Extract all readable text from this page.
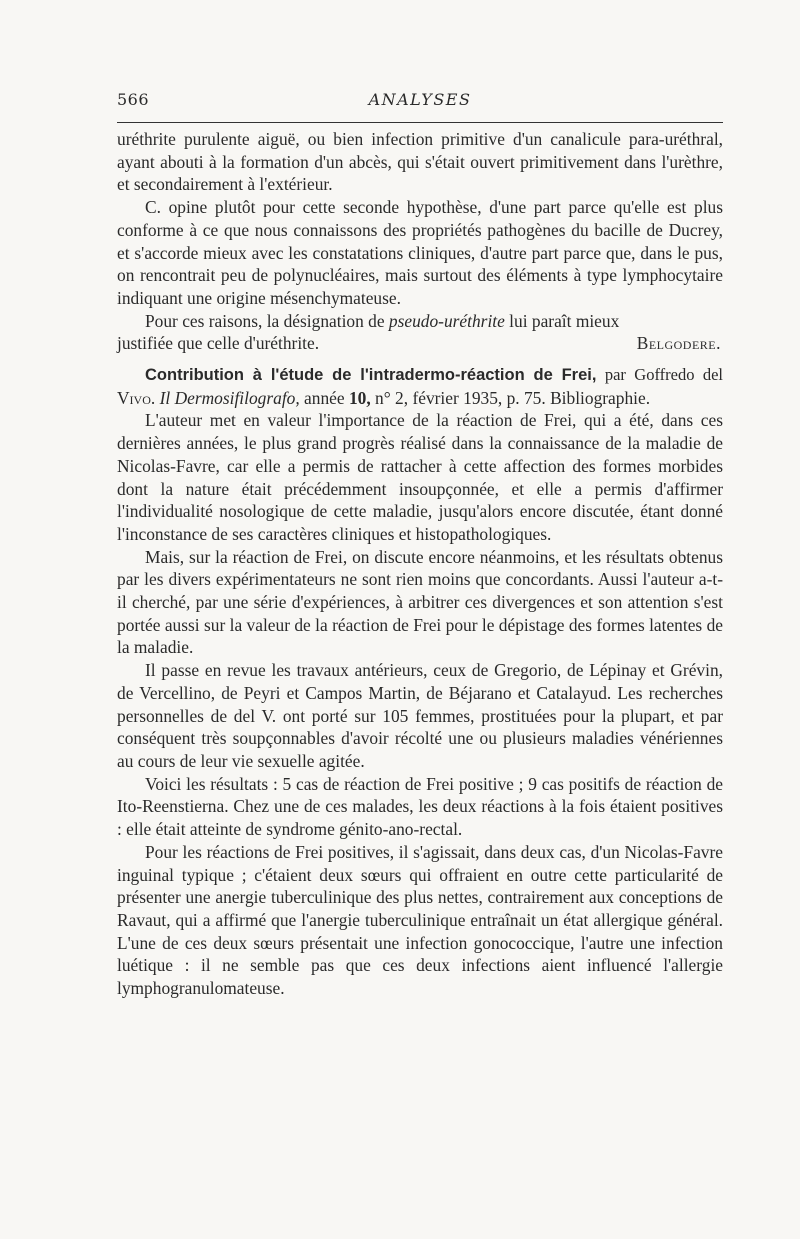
566	ANALYSES

uréthrite purulente aiguë, ou bien infection primitive d'un canalicule para-uréthral, ayant abouti à la formation d'un abcès, qui s'était ouvert primitivement dans l'urèthre, et secondairement à l'extérieur.

C. opine plutôt pour cette seconde hypothèse, d'une part parce qu'elle est plus conforme à ce que nous connaissons des propriétés pathogènes du bacille de Ducrey, et s'accorde mieux avec les constatations cliniques, d'autre part parce que, dans le pus, on rencontrait peu de polynucléaires, mais surtout des éléments à type lymphocytaire indiquant une origine mésenchymateuse.

Pour ces raisons, la désignation de pseudo-uréthrite lui paraît mieux

justifiée que celle d'uréthrite.	Belgodere.

Contribution à l'étude de l'intradermo-réaction de Frei, par Goffredo del Vivo. Il Dermosifilografo, année 10, n° 2, février 1935, p. 75. Bibliographie.

L'auteur met en valeur l'importance de la réaction de Frei, qui a été, dans ces dernières années, le plus grand progrès réalisé dans la connaissance de la maladie de Nicolas-Favre, car elle a permis de rattacher à cette affection des formes morbides dont la nature était précédemment insoupçonnée, et elle a permis d'affirmer l'individualité nosologique de cette maladie, jusqu'alors encore discutée, étant donné l'inconstance de ses caractères cliniques et histopathologiques.

Mais, sur la réaction de Frei, on discute encore néanmoins, et les résultats obtenus par les divers expérimentateurs ne sont rien moins que concordants. Aussi l'auteur a-t-il cherché, par une série d'expériences, à arbitrer ces divergences et son attention s'est portée aussi sur la valeur de la réaction de Frei pour le dépistage des formes latentes de la maladie.

Il passe en revue les travaux antérieurs, ceux de Gregorio, de Lépinay et Grévin, de Vercellino, de Peyri et Campos Martin, de Béjarano et Catalayud. Les recherches personnelles de del V. ont porté sur 105 femmes, prostituées pour la plupart, et par conséquent très soupçonnables d'avoir récolté une ou plusieurs maladies vénériennes au cours de leur vie sexuelle agitée.

Voici les résultats : 5 cas de réaction de Frei positive ; 9 cas positifs de réaction de Ito-Reenstierna. Chez une de ces malades, les deux réactions à la fois étaient positives : elle était atteinte de syndrome génito-ano-rectal.

Pour les réactions de Frei positives, il s'agissait, dans deux cas, d'un Nicolas-Favre inguinal typique ; c'étaient deux sœurs qui offraient en outre cette particularité de présenter une anergie tuberculinique des plus nettes, contrairement aux conceptions de Ravaut, qui a affirmé que l'anergie tuberculinique entraînait un état allergique général. L'une de ces deux sœurs présentait une infection gonococcique, l'autre une infection luétique : il ne semble pas que ces deux infections aient influencé l'allergie lymphogranulomateuse.
